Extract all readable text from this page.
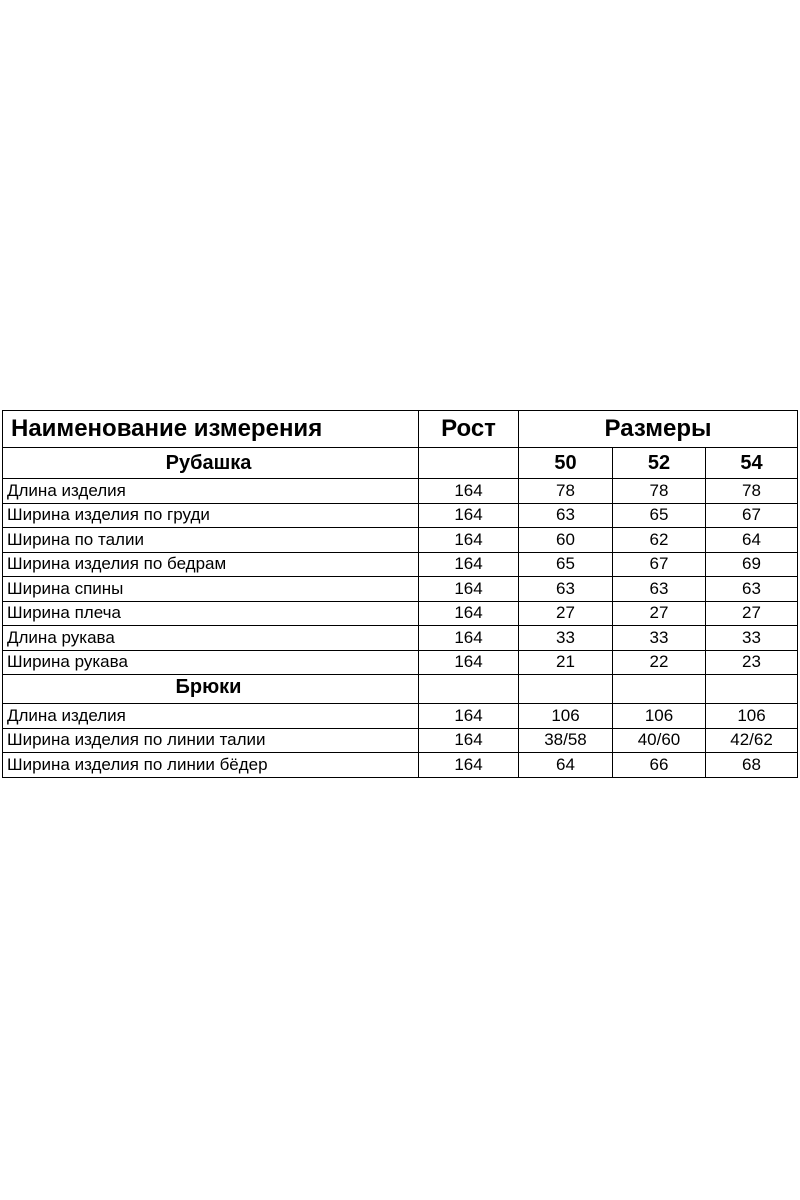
Наименование измерения	Рост	Размеры		
Рубашка		50	52	54
Длина изделия	164	78	78	78
Ширина изделия по груди	164	63	65	67
Ширина по талии	164	60	62	64
Ширина изделия по бедрам	164	65	67	69
Ширина спины	164	63	63	63
Ширина плеча	164	27	27	27
Длина рукава	164	33	33	33
Ширина рукава	164	21	22	23
Брюки				
Длина изделия	164	106	106	106
Ширина изделия по линии талии	164	38/58	40/60	42/62
Ширина изделия по линии бёдер	164	64	66	68
